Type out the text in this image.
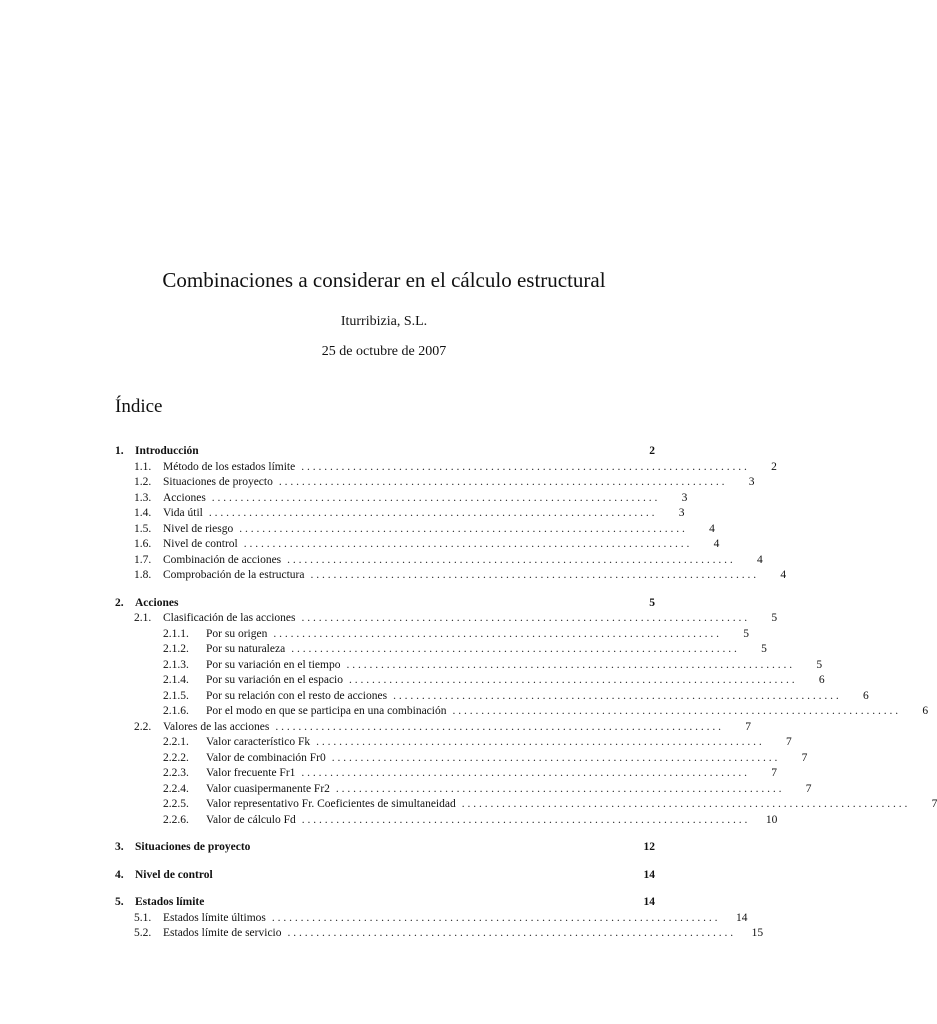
Combinaciones a considerar en el cálculo estructural
Iturribizia, S.L.
25 de octubre de 2007
Índice
1. Introducción	2
1.1.	Método de los estados límite . . .	2
1.2.	Situaciones de proyecto . . .	3
1.3.	Acciones . . .	3
1.4.	Vida útil . . .	3
1.5.	Nivel de riesgo . . .	4
1.6.	Nivel de control . . .	4
1.7.	Combinación de acciones . . .	4
1.8.	Comprobación de la estructura . . .	4
2. Acciones	5
2.1.	Clasificación de las acciones . . .	5
2.1.1.	Por su origen . . .	5
2.1.2.	Por su naturaleza . . .	5
2.1.3.	Por su variación en el tiempo . . .	5
2.1.4.	Por su variación en el espacio . . .	6
2.1.5.	Por su relación con el resto de acciones . . .	6
2.1.6.	Por el modo en que se participa en una combinación . . .	6
2.2.	Valores de las acciones . . .	7
2.2.1.	Valor característico Fk . . .	7
2.2.2.	Valor de combinación Fr0 . . .	7
2.2.3.	Valor frecuente Fr1 . . .	7
2.2.4.	Valor cuasipermanente Fr2 . . .	7
2.2.5.	Valor representativo Fr. Coeficientes de simultaneidad . . .	7
2.2.6.	Valor de cálculo Fd . . .	10
3. Situaciones de proyecto	12
4. Nivel de control	14
5. Estados límite	14
5.1.	Estados límite últimos . . .	14
5.2.	Estados límite de servicio . . .	15
